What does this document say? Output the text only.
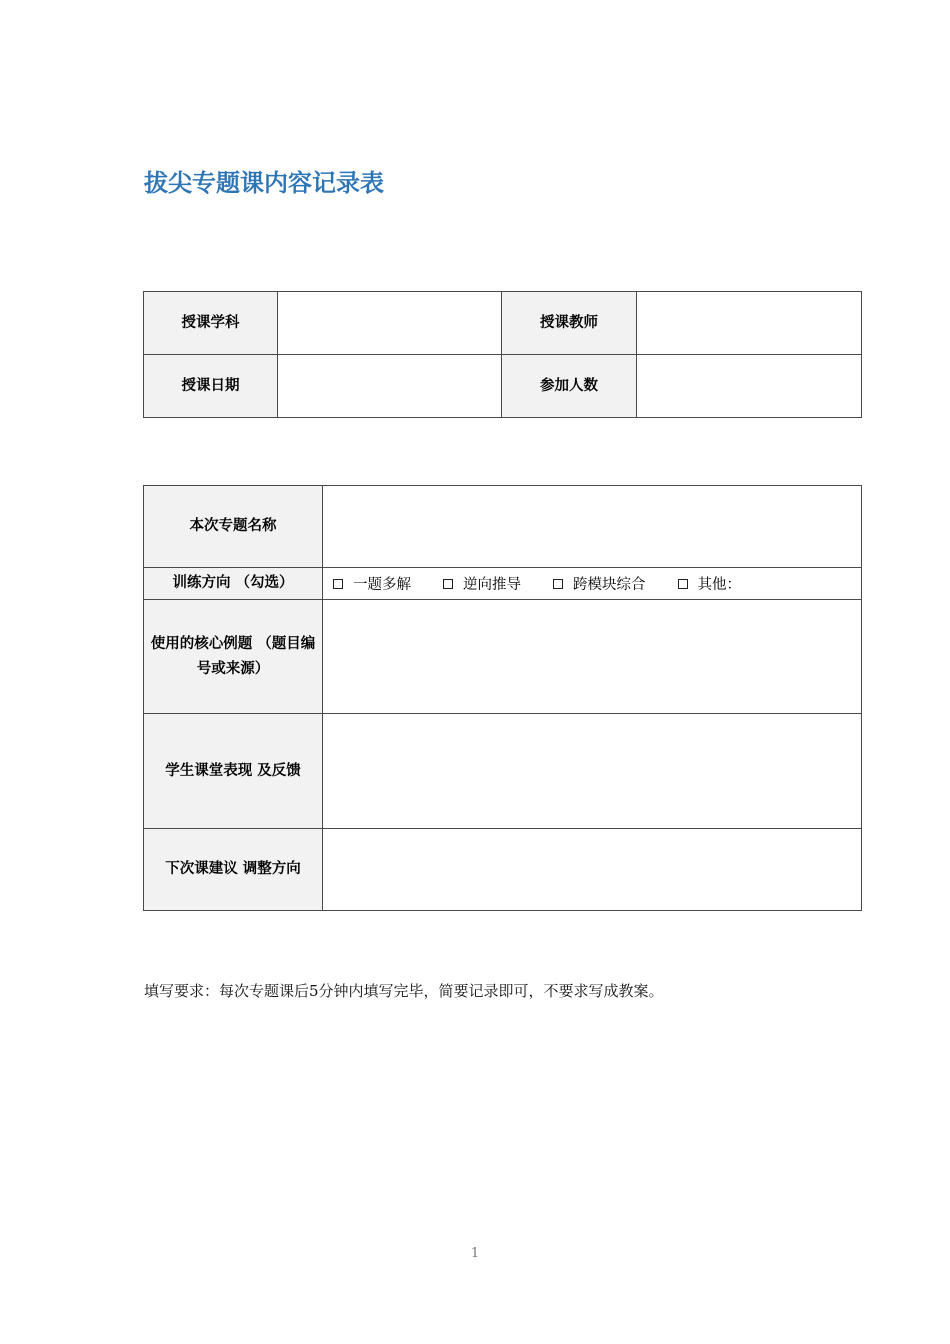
拔尖专题课内容记录表
授课学科		授课教师	
授课日期		参加人数	
本次专题名称	
训练方向 （勾选）	一题多解 逆向推导 跨模块综合 其他：

使用的核心例题 （题目编号或来源）	
学生课堂表现 及反馈	
下次课建议 调整方向	

填写要求：每次专题课后5分钟内填写完毕，简要记录即可，不要求写成教案。

1
